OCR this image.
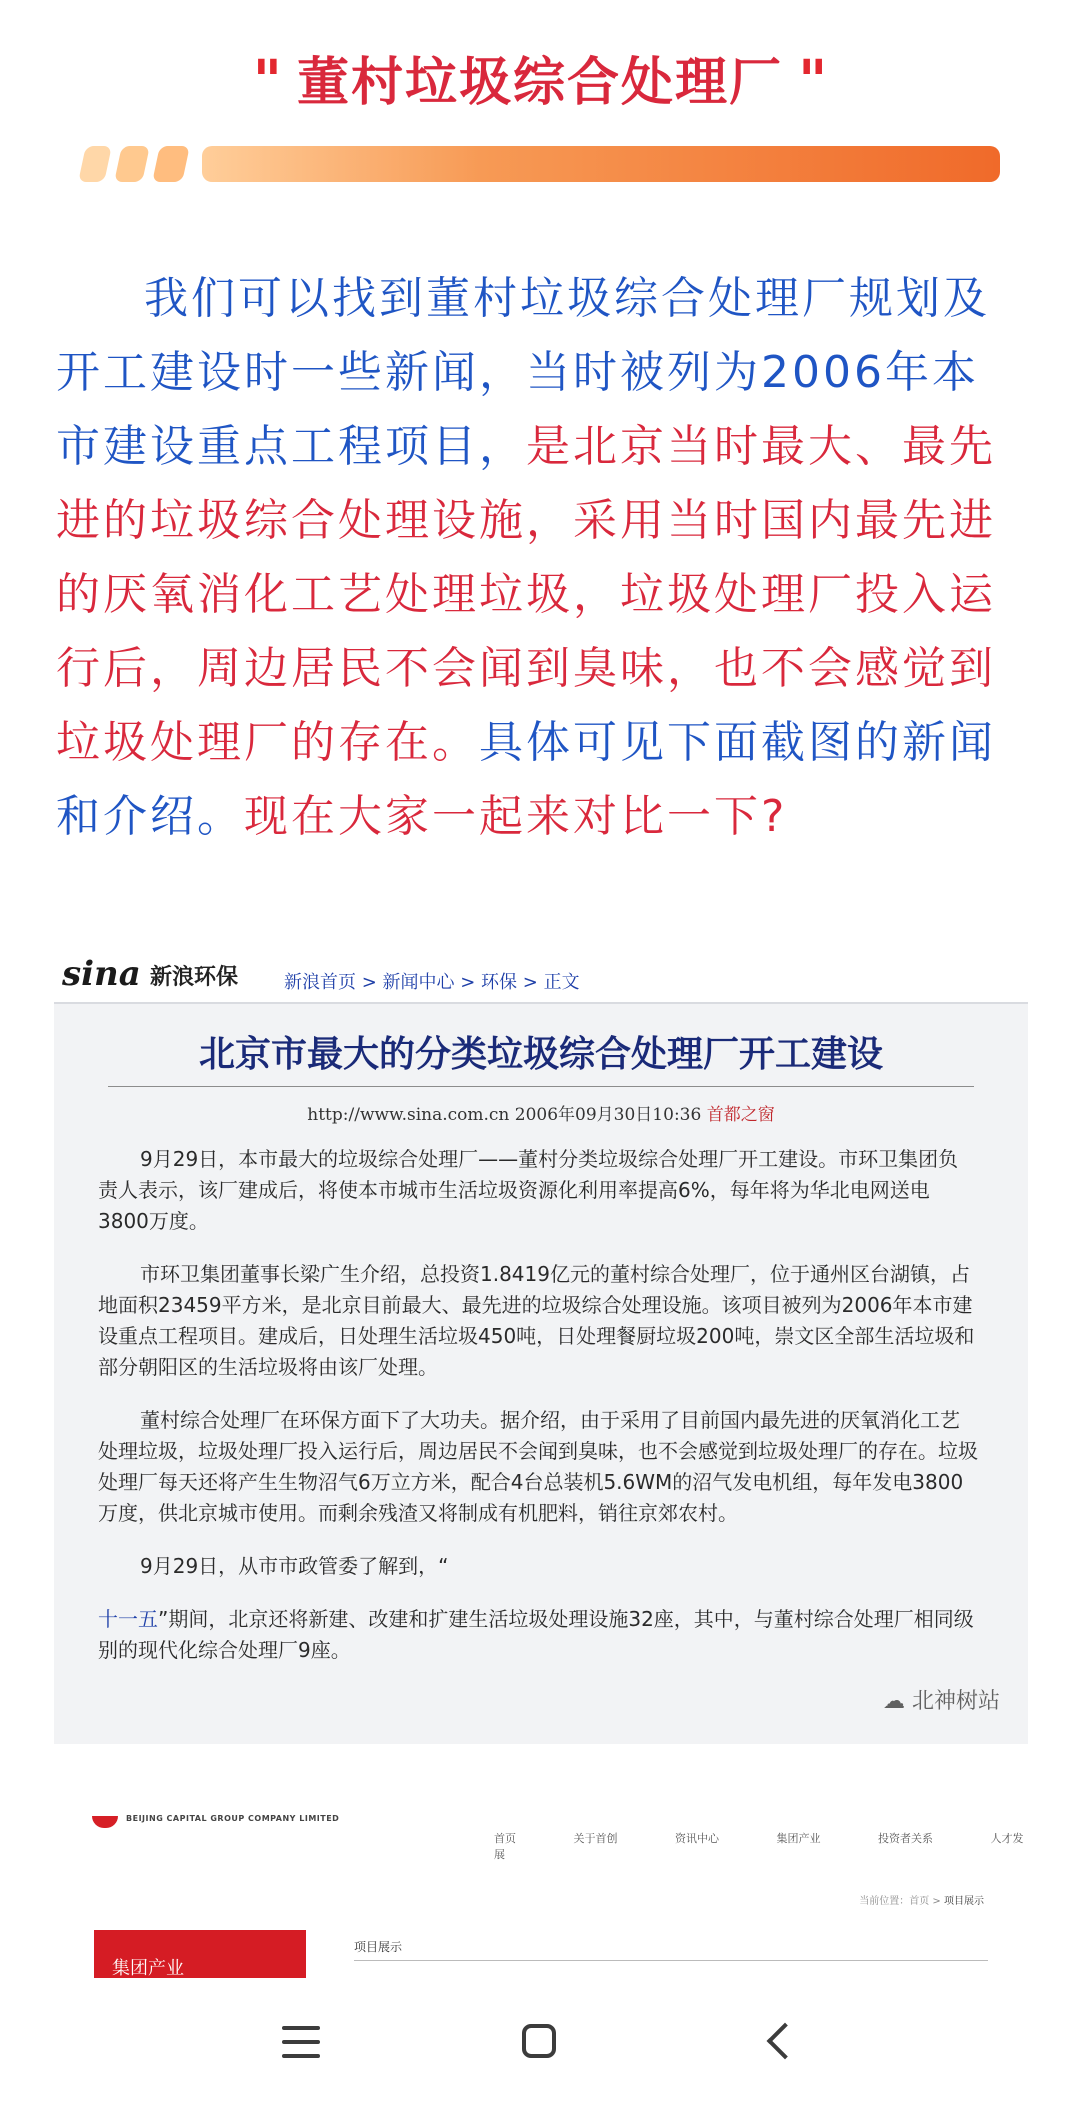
" 董村垃圾综合处理厂 "

我们可以找到董村垃圾综合处理厂规划及开工建设时一些新闻，当时被列为2006年本市建设重点工程项目，是北京当时最大、最先进的垃圾综合处理设施，采用当时国内最先进的厌氧消化工艺处理垃圾，垃圾处理厂投入运行后，周边居民不会闻到臭味，也不会感觉到垃圾处理厂的存在。具体可见下面截图的新闻和介绍。现在大家一起来对比一下?

sina 新浪环保	新浪首页 > 新闻中心 > 环保 > 正文
北京市最大的分类垃圾综合处理厂开工建设
http://www.sina.com.cn 2006年09月30日10:36 首都之窗

9月29日，本市最大的垃圾综合处理厂——董村分类垃圾综合处理厂开工建设。市环卫集团负责人表示，该厂建成后，将使本市城市生活垃圾资源化利用率提高6%，每年将为华北电网送电3800万度。

市环卫集团董事长梁广生介绍，总投资1.8419亿元的董村综合处理厂，位于通州区台湖镇，占地面积23459平方米，是北京目前最大、最先进的垃圾综合处理设施。该项目被列为2006年本市建设重点工程项目。建成后，日处理生活垃圾450吨，日处理餐厨垃圾200吨，崇文区全部生活垃圾和部分朝阳区的生活垃圾将由该厂处理。

董村综合处理厂在环保方面下了大功夫。据介绍，由于采用了目前国内最先进的厌氧消化工艺处理垃圾，垃圾处理厂投入运行后，周边居民不会闻到臭味，也不会感觉到垃圾处理厂的存在。垃圾处理厂每天还将产生生物沼气6万立方米，配合4台总装机5.6WM的沼气发电机组，每年发电3800万度，供北京城市使用。而剩余残渣又将制成有机肥料，销往京郊农村。

9月29日，从市市政管委了解到，“

十一五”期间，北京还将新建、改建和扩建生活垃圾处理设施32座，其中，与董村综合处理厂相同级别的现代化综合处理厂9座。

☁ 北神树站
BEIJING CAPITAL GROUP COMPANY LIMITED
首页	关于首创	资讯中心	集团产业	投资者关系	人才发展
当前位置：首页 > 项目展示
集团产业
项目展示
